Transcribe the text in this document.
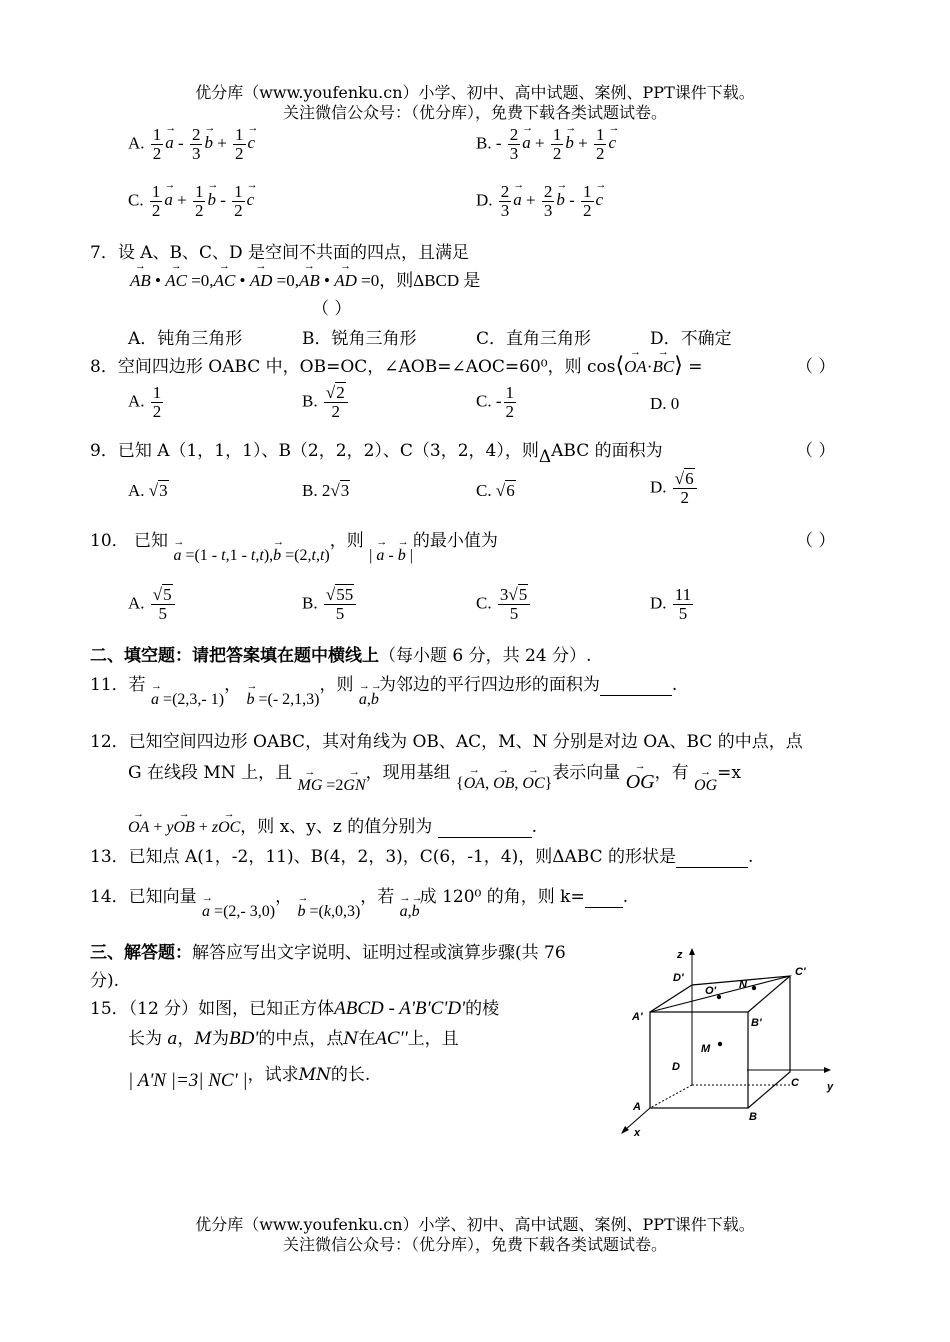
优分库（www.youfenku.cn）小学、初中、高中试题、案例、PPT课件下载。
关注微信公众号：（优分库），免费下载各类试题试卷。
A. $\frac{1}{2}$
→ a - $\frac{2}{3}$
→ $b + \frac{1}{2}$
→ c	B. - $\frac{2}{3}$
→ $a + \frac{1}{2}$
→ $b + \frac{1}{2}$
→ c
C. $\frac{1}{2}$
→ $a + \frac{1}{2}$
→ b - $\frac{1}{2}$
→ c	D. $\frac{2}{3}$
→ $a + \frac{2}{3}$
→ b - $\frac{1}{2}$
→ c
7．设 A、B、C、D 是空间不共面的四点，且满足
→ AB • → AC =0,→ AC • → AD =0,→ AB • → AD =0，则ΔBCD 是
（ ）
A．钝角三角形	B．锐角三角形	C．直角三角形	D．不确定
8．空间四边形 OABC 中，OB=OC，∠AOB=∠AOC=60⁰，则 cos⟨→ OA·→ BC⟩ =	（ ）
A. $\frac{1}{2}$	B. $\frac{√2}{2}$	C. - $\frac{1}{2}$	D. 0
9．已知 A（1，1，1）、B（2，2，2）、C（3，2，4），则ΔABC 的面积为	（ ）
A. √3	B. 2√3	C. √6	D. $\frac{√6}{2}$
10． 已知 → a =(1 - t,1 - t,t),→ b =(2,t,t)，则 | → a - → b |的最小值为	（ ）
A. $\frac{√5}{5}$	B. $\frac{√55}{5}$	C. $\frac{3√5}{5}$	D. $\frac{11}{5}$
二、填空题：请把答案填在题中横线上（每小题 6 分，共 24 分）.
11．若 → a =(2,3,- 1)， → b =(- 2,1,3)，则 → a,→ b为邻边的平行四边形的面积为	.
12．已知空间四边形 OABC，其对角线为 OB、AC，M、N 分别是对边 OA、BC 的中点，点
G 在线段 MN 上，且 → MG =2→ GN，现用基组 {→ OA, → OB, → OC}表示向量 → OG，有 → OG=x
→ OA + y→ OB + z→ OC，则 x、y、z 的值分别为	.
13．已知点 A(1，-2，11)、B(4，2，3)，C(6，-1，4)，则ΔABC 的形状是	.
14．已知向量 → a =(2,- 3,0)， → b =(k,0,3)，若 → a,→ b成 120⁰ 的角，则 k= .
三、解答题：解答应写出文字说明、证明过程或演算步骤(共 76
分).
15．（12 分）如图，已知正方体ABCD - A'B'C'D'的棱
长为 a，M为BD'的中点，点N在AC''上，且
| A'N |=3| NC' |，试求MN的长.
z
D'	C'
O' N
A'	B'
M
D
C	y
A
B
x
优分库（www.youfenku.cn）小学、初中、高中试题、案例、PPT课件下载。
关注微信公众号：（优分库），免费下载各类试题试卷。
